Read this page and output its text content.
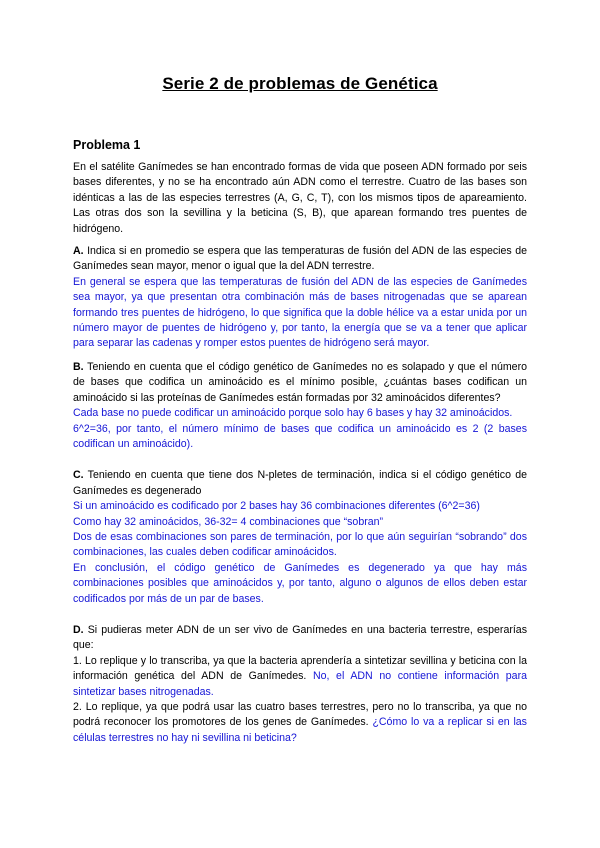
Serie 2 de problemas de Genética
Problema 1

En el satélite Ganímedes se han encontrado formas de vida que poseen ADN formado por seis bases diferentes, y no se ha encontrado aún ADN como el terrestre. Cuatro de las bases son idénticas a las de las especies terrestres (A, G, C, T), con los mismos tipos de apareamiento. Las otras dos son la sevillina y la beticina (S, B), que aparean formando tres puentes de hidrógeno.

A. Indica si en promedio se espera que las temperaturas de fusión del ADN de las especies de Ganímedes sean mayor, menor o igual que la del ADN terrestre.

En general se espera que las temperaturas de fusión del ADN de las especies de Ganímedes sea mayor, ya que presentan otra combinación más de bases nitrogenadas que se aparean formando tres puentes de hidrógeno, lo que significa que la doble hélice va a estar unida por un número mayor de puentes de hidrógeno y, por tanto, la energía que se va a tener que aplicar para separar las cadenas y romper estos puentes de hidrógeno será mayor.

B. Teniendo en cuenta que el código genético de Ganímedes no es solapado y que el número de bases que codifica un aminoácido es el mínimo posible, ¿cuántas bases codifican un aminoácido si las proteínas de Ganímedes están formadas por 32 aminoácidos diferentes?

Cada base no puede codificar un aminoácido porque solo hay 6 bases y hay 32 aminoácidos.

6^2=36, por tanto, el número mínimo de bases que codifica un aminoácido es 2 (2 bases codifican un aminoácido).

C. Teniendo en cuenta que tiene dos N-pletes de terminación, indica si el código genético de Ganímedes es degenerado

Si un aminoácido es codificado por 2 bases hay 36 combinaciones diferentes (6^2=36)

Como hay 32 aminoácidos, 36-32= 4 combinaciones que “sobran”

Dos de esas combinaciones son pares de terminación, por lo que aún seguirían “sobrando” dos combinaciones, las cuales deben codificar aminoácidos.

En conclusión, el código genético de Ganímedes es degenerado ya que hay más combinaciones posibles que aminoácidos y, por tanto, alguno o algunos de ellos deben estar codificados por más de un par de bases.

D. Si pudieras meter ADN de un ser vivo de Ganímedes en una bacteria terrestre, esperarías que:

1. Lo replique y lo transcriba, ya que la bacteria aprendería a sintetizar sevillina y beticina con la información genética del ADN de Ganímedes. No, el ADN no contiene información para sintetizar bases nitrogenadas.

2. Lo replique, ya que podrá usar las cuatro bases terrestres, pero no lo transcriba, ya que no podrá reconocer los promotores de los genes de Ganímedes. ¿Cómo lo va a replicar si en las células terrestres no hay ni sevillina ni beticina?
